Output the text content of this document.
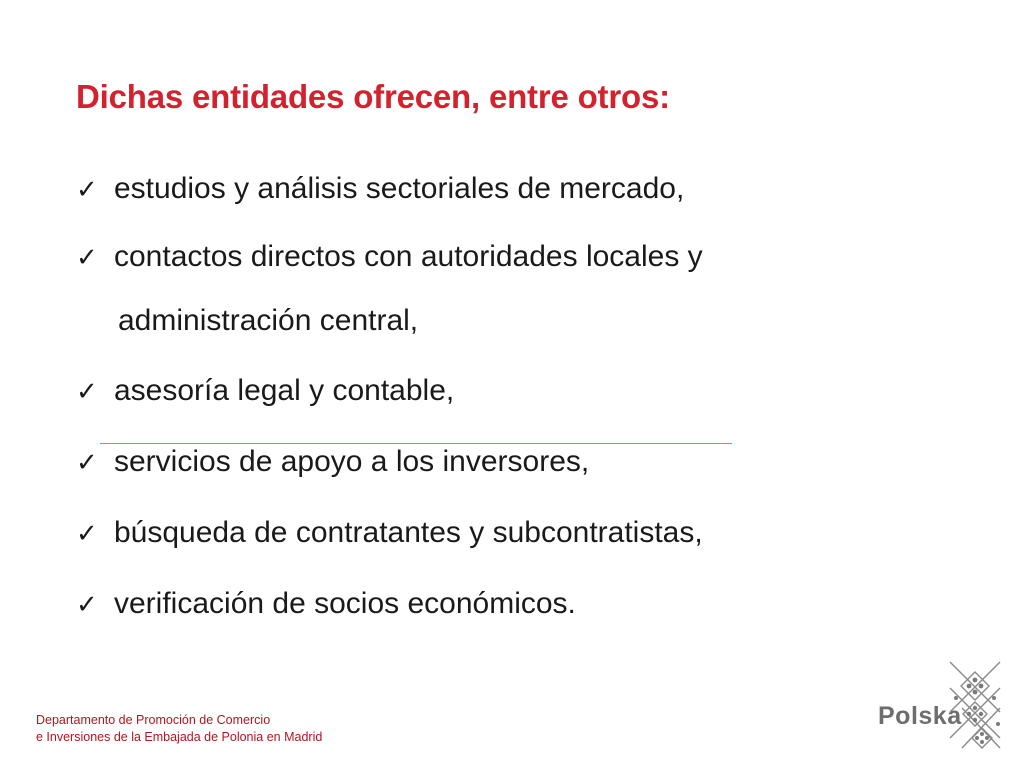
Dichas entidades ofrecen, entre otros:
✓ estudios y análisis sectoriales de mercado,
✓ contactos directos con autoridades locales y
administración central,
✓ asesoría legal y contable,
✓ servicios de apoyo a los inversores,
✓ búsqueda de contratantes y subcontratistas,
✓ verificación de socios económicos.
Departamento de Promoción de Comercio
e Inversiones de la Embajada de Polonia en Madrid
Polska
